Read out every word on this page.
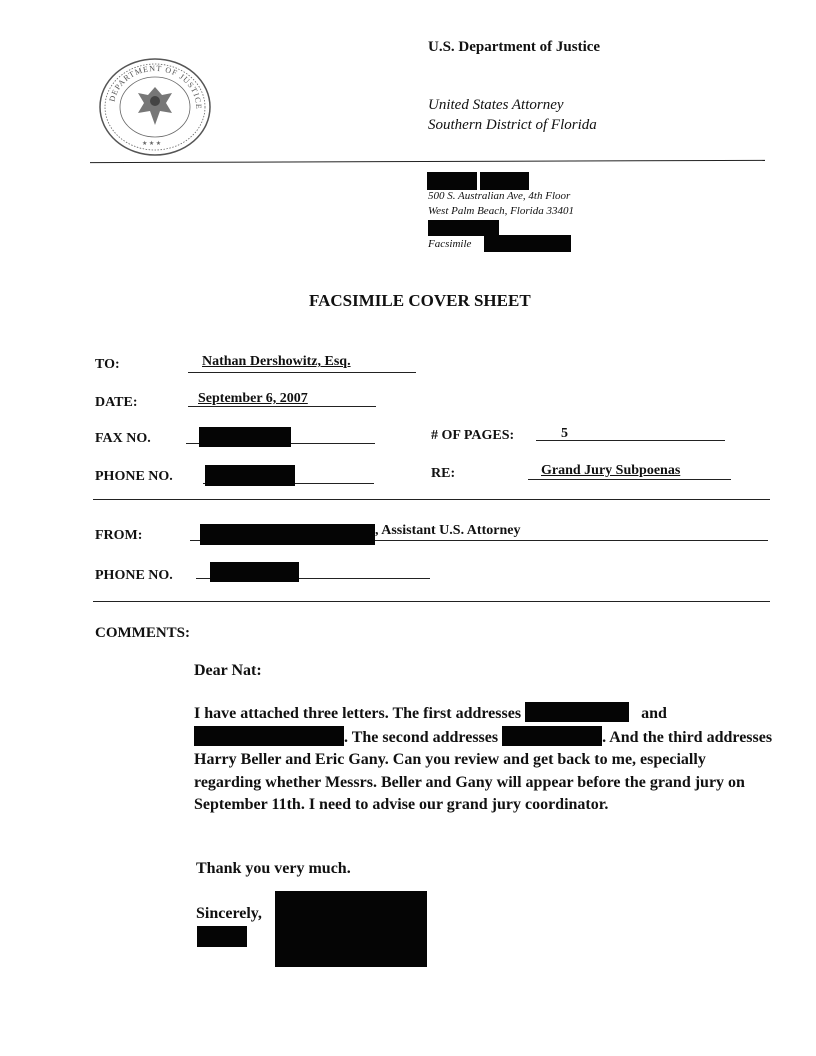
DEPARTMENT OF JUSTICE
★ ★ ★
U.S. Department of Justice
United States Attorney
Southern District of Florida
500 S. Australian Ave, 4th Floor
West Palm Beach, Florida 33401
Facsimile
FACSIMILE COVER SHEET
TO:	Nathan Dershowitz, Esq.
DATE:	September 6, 2007
FAX NO.	# OF PAGES:	5
PHONE NO.	RE:	Grand Jury Subpoenas
FROM:	, Assistant U.S. Attorney
PHONE NO.
COMMENTS:
Dear Nat:
I have attached three letters. The first addresses	and
. The second addresses	. And the third addresses Harry Beller and Eric Gany. Can you review and get back to me, especially regarding whether Messrs. Beller and Gany will appear before the grand jury on September 11th. I need to advise our grand jury coordinator.
Thank you very much.
Sincerely,
